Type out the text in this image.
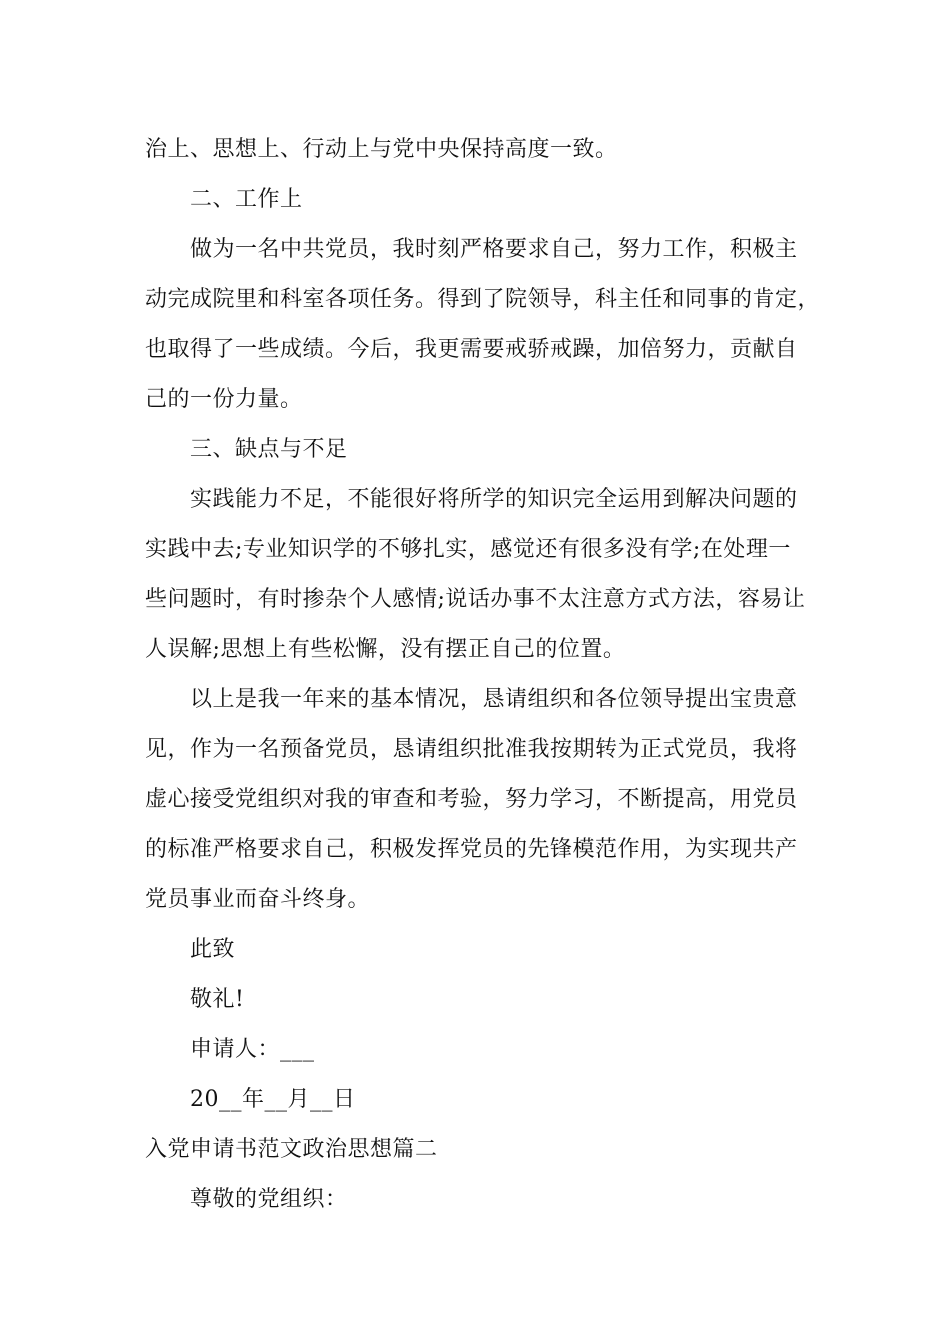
治上、思想上、行动上与党中央保持高度一致。
二、工作上
做为一名中共党员，我时刻严格要求自己，努力工作，积极主
动完成院里和科室各项任务。得到了院领导，科主任和同事的肯定，
也取得了一些成绩。今后，我更需要戒骄戒躁，加倍努力，贡献自
己的一份力量。
三、缺点与不足
实践能力不足，不能很好将所学的知识完全运用到解决问题的
实践中去;专业知识学的不够扎实，感觉还有很多没有学;在处理一
些问题时，有时掺杂个人感情;说话办事不太注意方式方法，容易让
人误解;思想上有些松懈，没有摆正自己的位置。
以上是我一年来的基本情况，恳请组织和各位领导提出宝贵意
见，作为一名预备党员，恳请组织批准我按期转为正式党员，我将
虚心接受党组织对我的审查和考验，努力学习，不断提高，用党员
的标准严格要求自己，积极发挥党员的先锋模范作用，为实现共产
党员事业而奋斗终身。
此致
敬礼!
申请人：___
20__年__月__日
入党申请书范文政治思想篇二
尊敬的党组织：
